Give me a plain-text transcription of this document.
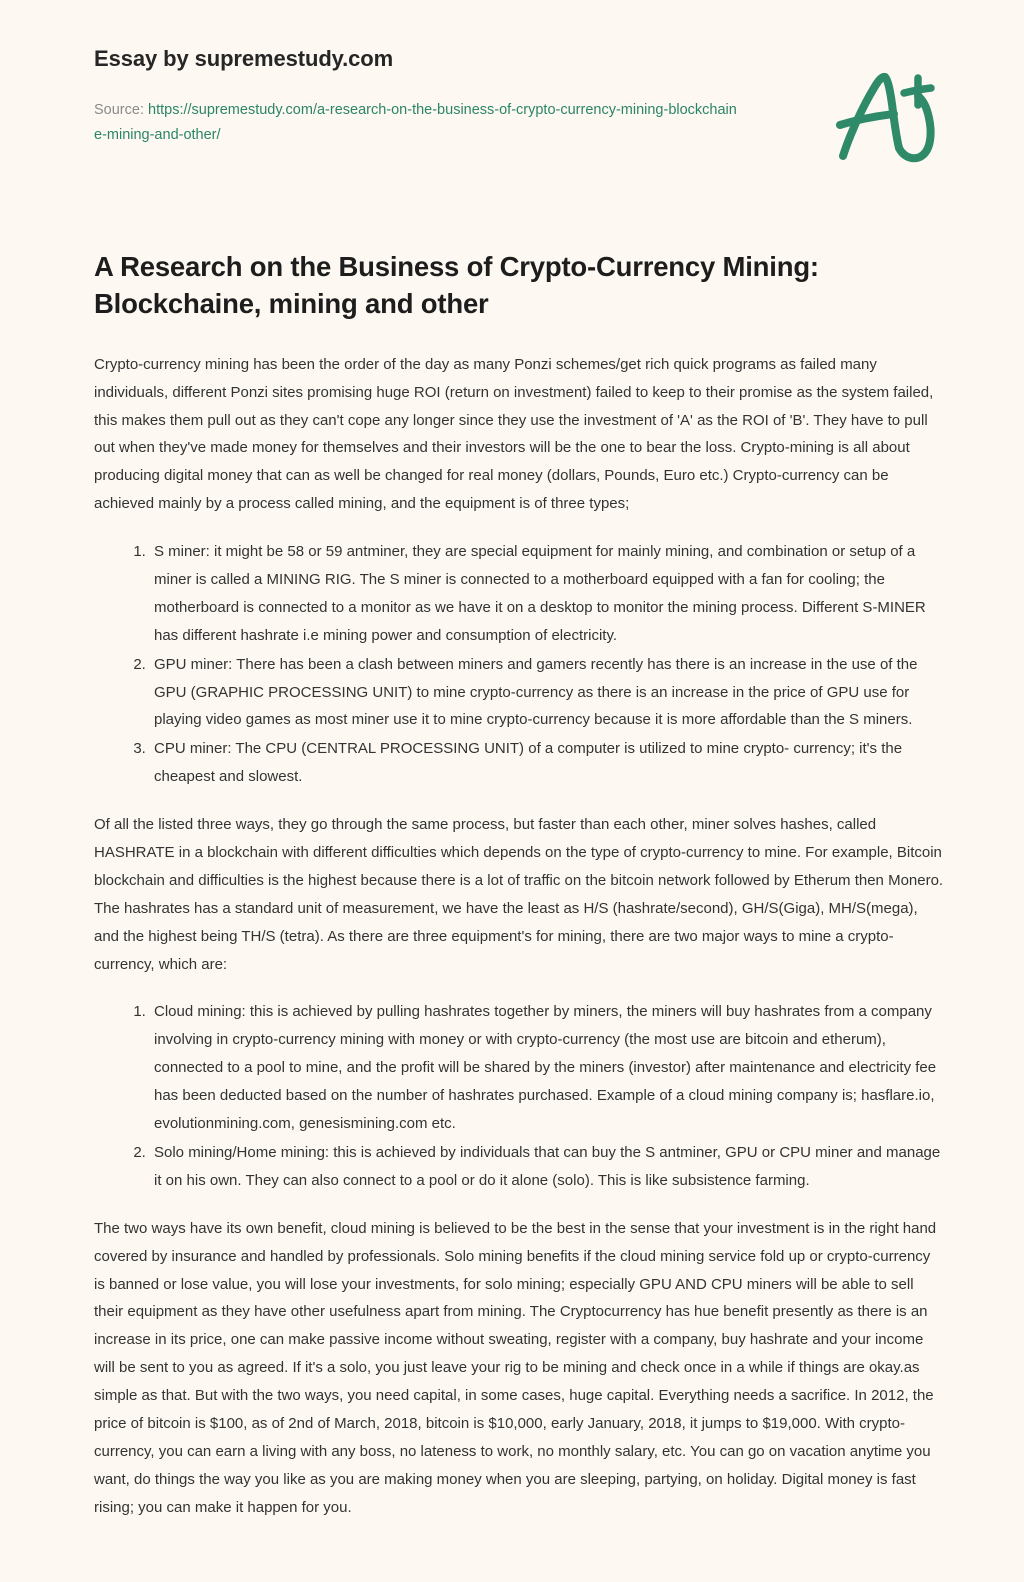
Essay by supremestudy.com

Source: https://supremestudy.com/a-research-on-the-business-of-crypto-currency-mining-blockchaine-mining-and-other/

A Research on the Business of Crypto-Currency Mining: Blockchaine, mining and other

Crypto-currency mining has been the order of the day as many Ponzi schemes/get rich quick programs as failed many individuals, different Ponzi sites promising huge ROI (return on investment) failed to keep to their promise as the system failed, this makes them pull out as they can't cope any longer since they use the investment of 'A' as the ROI of 'B'. They have to pull out when they've made money for themselves and their investors will be the one to bear the loss. Crypto-mining is all about producing digital money that can as well be changed for real money (dollars, Pounds, Euro etc.) Crypto-currency can be achieved mainly by a process called mining, and the equipment is of three types;

1. S miner: it might be 58 or 59 antminer, they are special equipment for mainly mining, and combination or setup of a miner is called a MINING RIG. The S miner is connected to a motherboard equipped with a fan for cooling; the motherboard is connected to a monitor as we have it on a desktop to monitor the mining process. Different S-MINER has different hashrate i.e mining power and consumption of electricity.
2. GPU miner: There has been a clash between miners and gamers recently has there is an increase in the use of the GPU (GRAPHIC PROCESSING UNIT) to mine crypto-currency as there is an increase in the price of GPU use for playing video games as most miner use it to mine crypto-currency because it is more affordable than the S miners.
3. CPU miner: The CPU (CENTRAL PROCESSING UNIT) of a computer is utilized to mine crypto- currency; it's the cheapest and slowest.

Of all the listed three ways, they go through the same process, but faster than each other, miner solves hashes, called HASHRATE in a blockchain with different difficulties which depends on the type of crypto-currency to mine. For example, Bitcoin blockchain and difficulties is the highest because there is a lot of traffic on the bitcoin network followed by Etherum then Monero. The hashrates has a standard unit of measurement, we have the least as H/S (hashrate/second), GH/S(Giga), MH/S(mega), and the highest being TH/S (tetra). As there are three equipment's for mining, there are two major ways to mine a crypto-currency, which are:

1. Cloud mining: this is achieved by pulling hashrates together by miners, the miners will buy hashrates from a company involving in crypto-currency mining with money or with crypto-currency (the most use are bitcoin and etherum), connected to a pool to mine, and the profit will be shared by the miners (investor) after maintenance and electricity fee has been deducted based on the number of hashrates purchased. Example of a cloud mining company is; hasflare.io, evolutionmining.com, genesismining.com etc.
2. Solo mining/Home mining: this is achieved by individuals that can buy the S antminer, GPU or CPU miner and manage it on his own. They can also connect to a pool or do it alone (solo). This is like subsistence farming.

The two ways have its own benefit, cloud mining is believed to be the best in the sense that your investment is in the right hand covered by insurance and handled by professionals. Solo mining benefits if the cloud mining service fold up or crypto-currency is banned or lose value, you will lose your investments, for solo mining; especially GPU AND CPU miners will be able to sell their equipment as they have other usefulness apart from mining. The Cryptocurrency has hue benefit presently as there is an increase in its price, one can make passive income without sweating, register with a company, buy hashrate and your income will be sent to you as agreed. If it's a solo, you just leave your rig to be mining and check once in a while if things are okay.as simple as that. But with the two ways, you need capital, in some cases, huge capital. Everything needs a sacrifice. In 2012, the price of bitcoin is $100, as of 2nd of March, 2018, bitcoin is $10,000, early January, 2018, it jumps to $19,000. With crypto-currency, you can earn a living with any boss, no lateness to work, no monthly salary, etc. You can go on vacation anytime you want, do things the way you like as you are making money when you are sleeping, partying, on holiday. Digital money is fast rising; you can make it happen for you.
